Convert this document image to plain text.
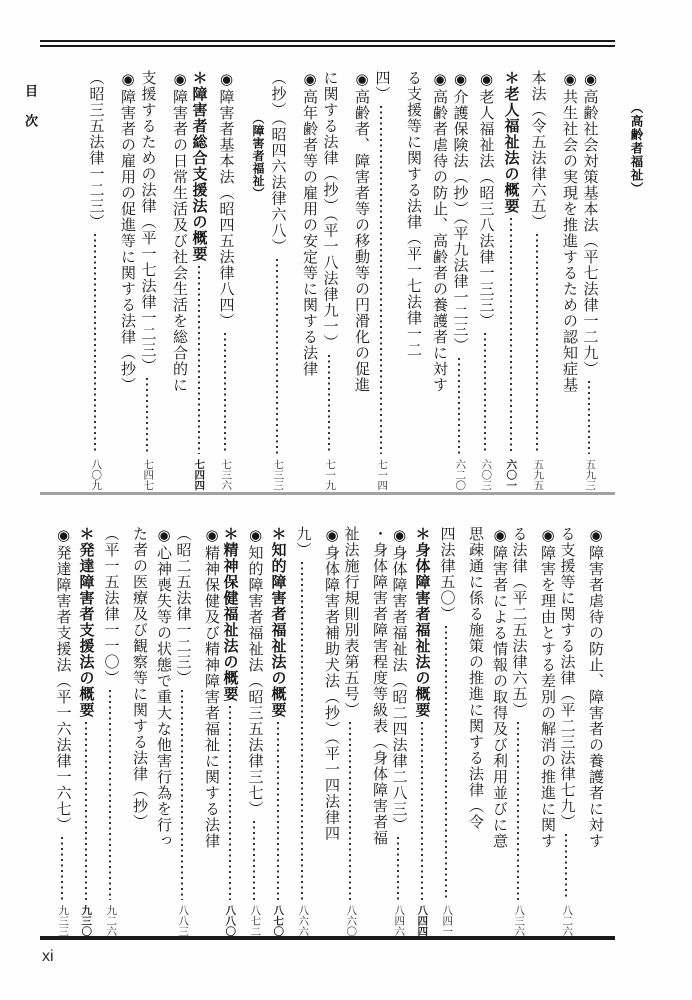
目次	（高齢者福祉）
◉高齢社会対策基本法（平七法律一二九）
五九三
◉共生社会の実現を推進するための認知症基
本法（令五法律六五）
五九五
＊老人福祉法の概要
六〇一
◉老人福祉法（昭三八法律一三三）
六〇三
◉介護保険法（抄）（平九法律一二三）
六二〇
◉高齢者虐待の防止、高齢者の養護者に対す
る支援等に関する法律（平一七法律一二
四）
七一四
◉高齢者、障害者等の移動等の円滑化の促進
に関する法律（抄）（平一八法律九一）
七一九
◉高年齢者等の雇用の安定等に関する法律
（抄）（昭四六法律六八）
七三三
（障害者福祉）
◉障害者基本法（昭四五法律八四）
七三六
＊障害者総合支援法の概要
七四四
◉障害者の日常生活及び社会生活を総合的に
支援するための法律（平一七法律一二三）
七四七
◉障害者の雇用の促進等に関する法律（抄）
（昭三五法律一二三）
八〇九
◉障害者虐待の防止、障害者の養護者に対す
る支援等に関する法律（平二三法律七九）
八二六
◉障害を理由とする差別の解消の推進に関す
る法律（平二五法律六五）
八三六
◉障害者による情報の取得及び利用並びに意
思疎通に係る施策の推進に関する法律（令
四法律五〇）
八四一
＊身体障害者福祉法の概要
八四四
◉身体障害者福祉法（昭二四法律二八三）
八四六
・身体障害者障害程度等級表（身体障害者福
祉法施行規則別表第五号）
八六〇
◉身体障害者補助犬法（抄）（平一四法律四
九）
八六六
＊知的障害者福祉法の概要
八七〇
◉知的障害者福祉法（昭三五法律三七）
八七二
＊精神保健福祉法の概要
八八〇
◉精神保健及び精神障害者福祉に関する法律
（昭二五法律一二三）
八八三
◉心神喪失等の状態で重大な他害行為を行っ
た者の医療及び観察等に関する法律（抄）
（平一五法律一一〇）
九二六
＊発達障害者支援法の概要
九三〇
◉発達障害者支援法（平一六法律一六七）
九三三
xi
